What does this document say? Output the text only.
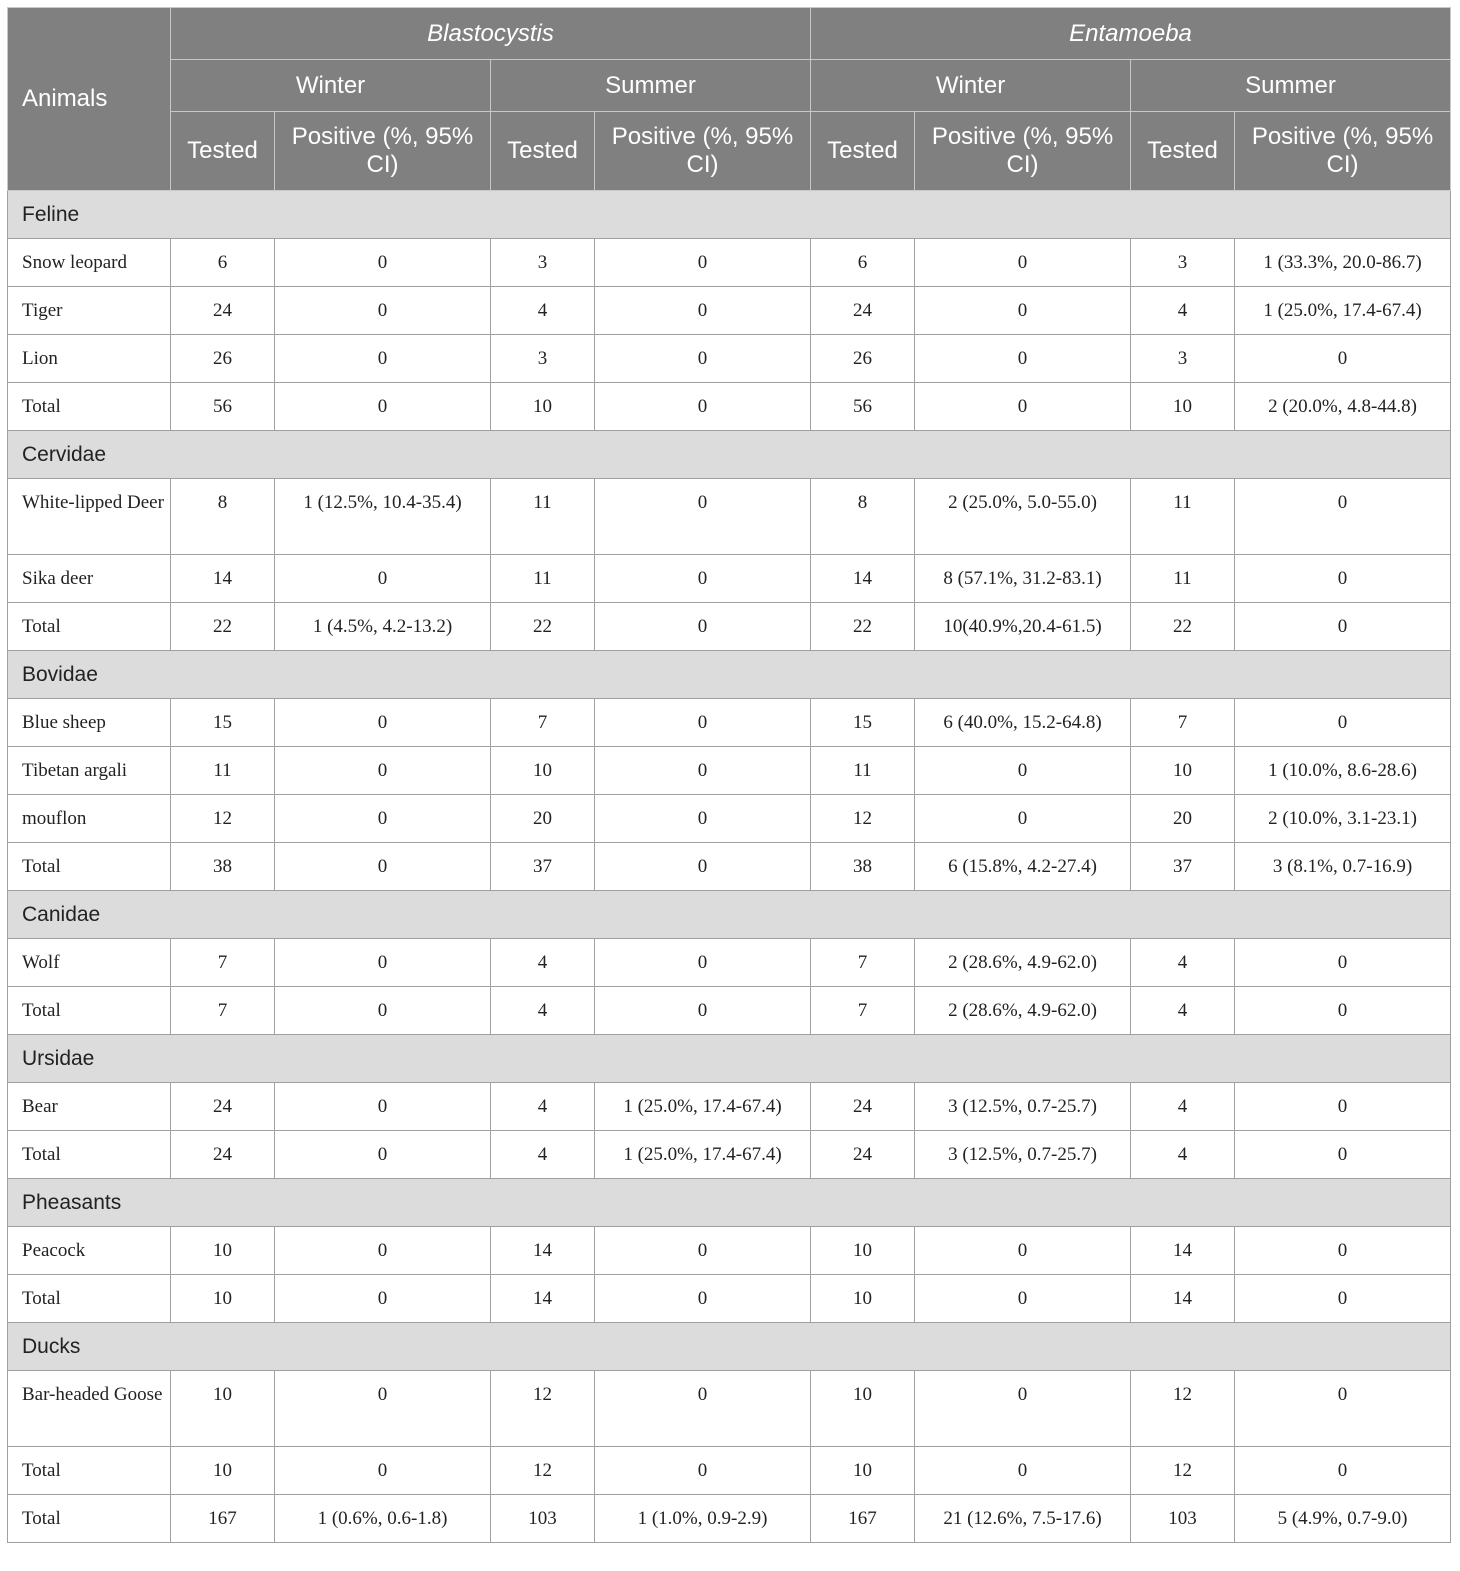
Animals	Blastocystis				Entamoeba			
	Winter		Summer		Winter		Summer	
	Tested	Positive (%, 95% CI)	Tested	Positive (%, 95% CI)	Tested	Positive (%, 95% CI)	Tested	Positive (%, 95% CI)
Feline								
Snow leopard	6	0	3	0	6	0	3	1 (33.3%, 20.0-86.7)
Tiger	24	0	4	0	24	0	4	1 (25.0%, 17.4-67.4)
Lion	26	0	3	0	26	0	3	0
Total	56	0	10	0	56	0	10	2 (20.0%, 4.8-44.8)
Cervidae								
White-lipped Deer	8	1 (12.5%, 10.4-35.4)	11	0	8	2 (25.0%, 5.0-55.0)	11	0
Sika deer	14	0	11	0	14	8 (57.1%, 31.2-83.1)	11	0
Total	22	1 (4.5%, 4.2-13.2)	22	0	22	10(40.9%,20.4-61.5)	22	0
Bovidae								
Blue sheep	15	0	7	0	15	6 (40.0%, 15.2-64.8)	7	0
Tibetan argali	11	0	10	0	11	0	10	1 (10.0%, 8.6-28.6)
mouflon	12	0	20	0	12	0	20	2 (10.0%, 3.1-23.1)
Total	38	0	37	0	38	6 (15.8%, 4.2-27.4)	37	3 (8.1%, 0.7-16.9)
Canidae								
Wolf	7	0	4	0	7	2 (28.6%, 4.9-62.0)	4	0
Total	7	0	4	0	7	2 (28.6%, 4.9-62.0)	4	0
Ursidae								
Bear	24	0	4	1 (25.0%, 17.4-67.4)	24	3 (12.5%, 0.7-25.7)	4	0
Total	24	0	4	1 (25.0%, 17.4-67.4)	24	3 (12.5%, 0.7-25.7)	4	0
Pheasants								
Peacock	10	0	14	0	10	0	14	0
Total	10	0	14	0	10	0	14	0
Ducks								
Bar-headed Goose	10	0	12	0	10	0	12	0
Total	10	0	12	0	10	0	12	0
Total	167	1 (0.6%, 0.6-1.8)	103	1 (1.0%, 0.9-2.9)	167	21 (12.6%, 7.5-17.6)	103	5 (4.9%, 0.7-9.0)
